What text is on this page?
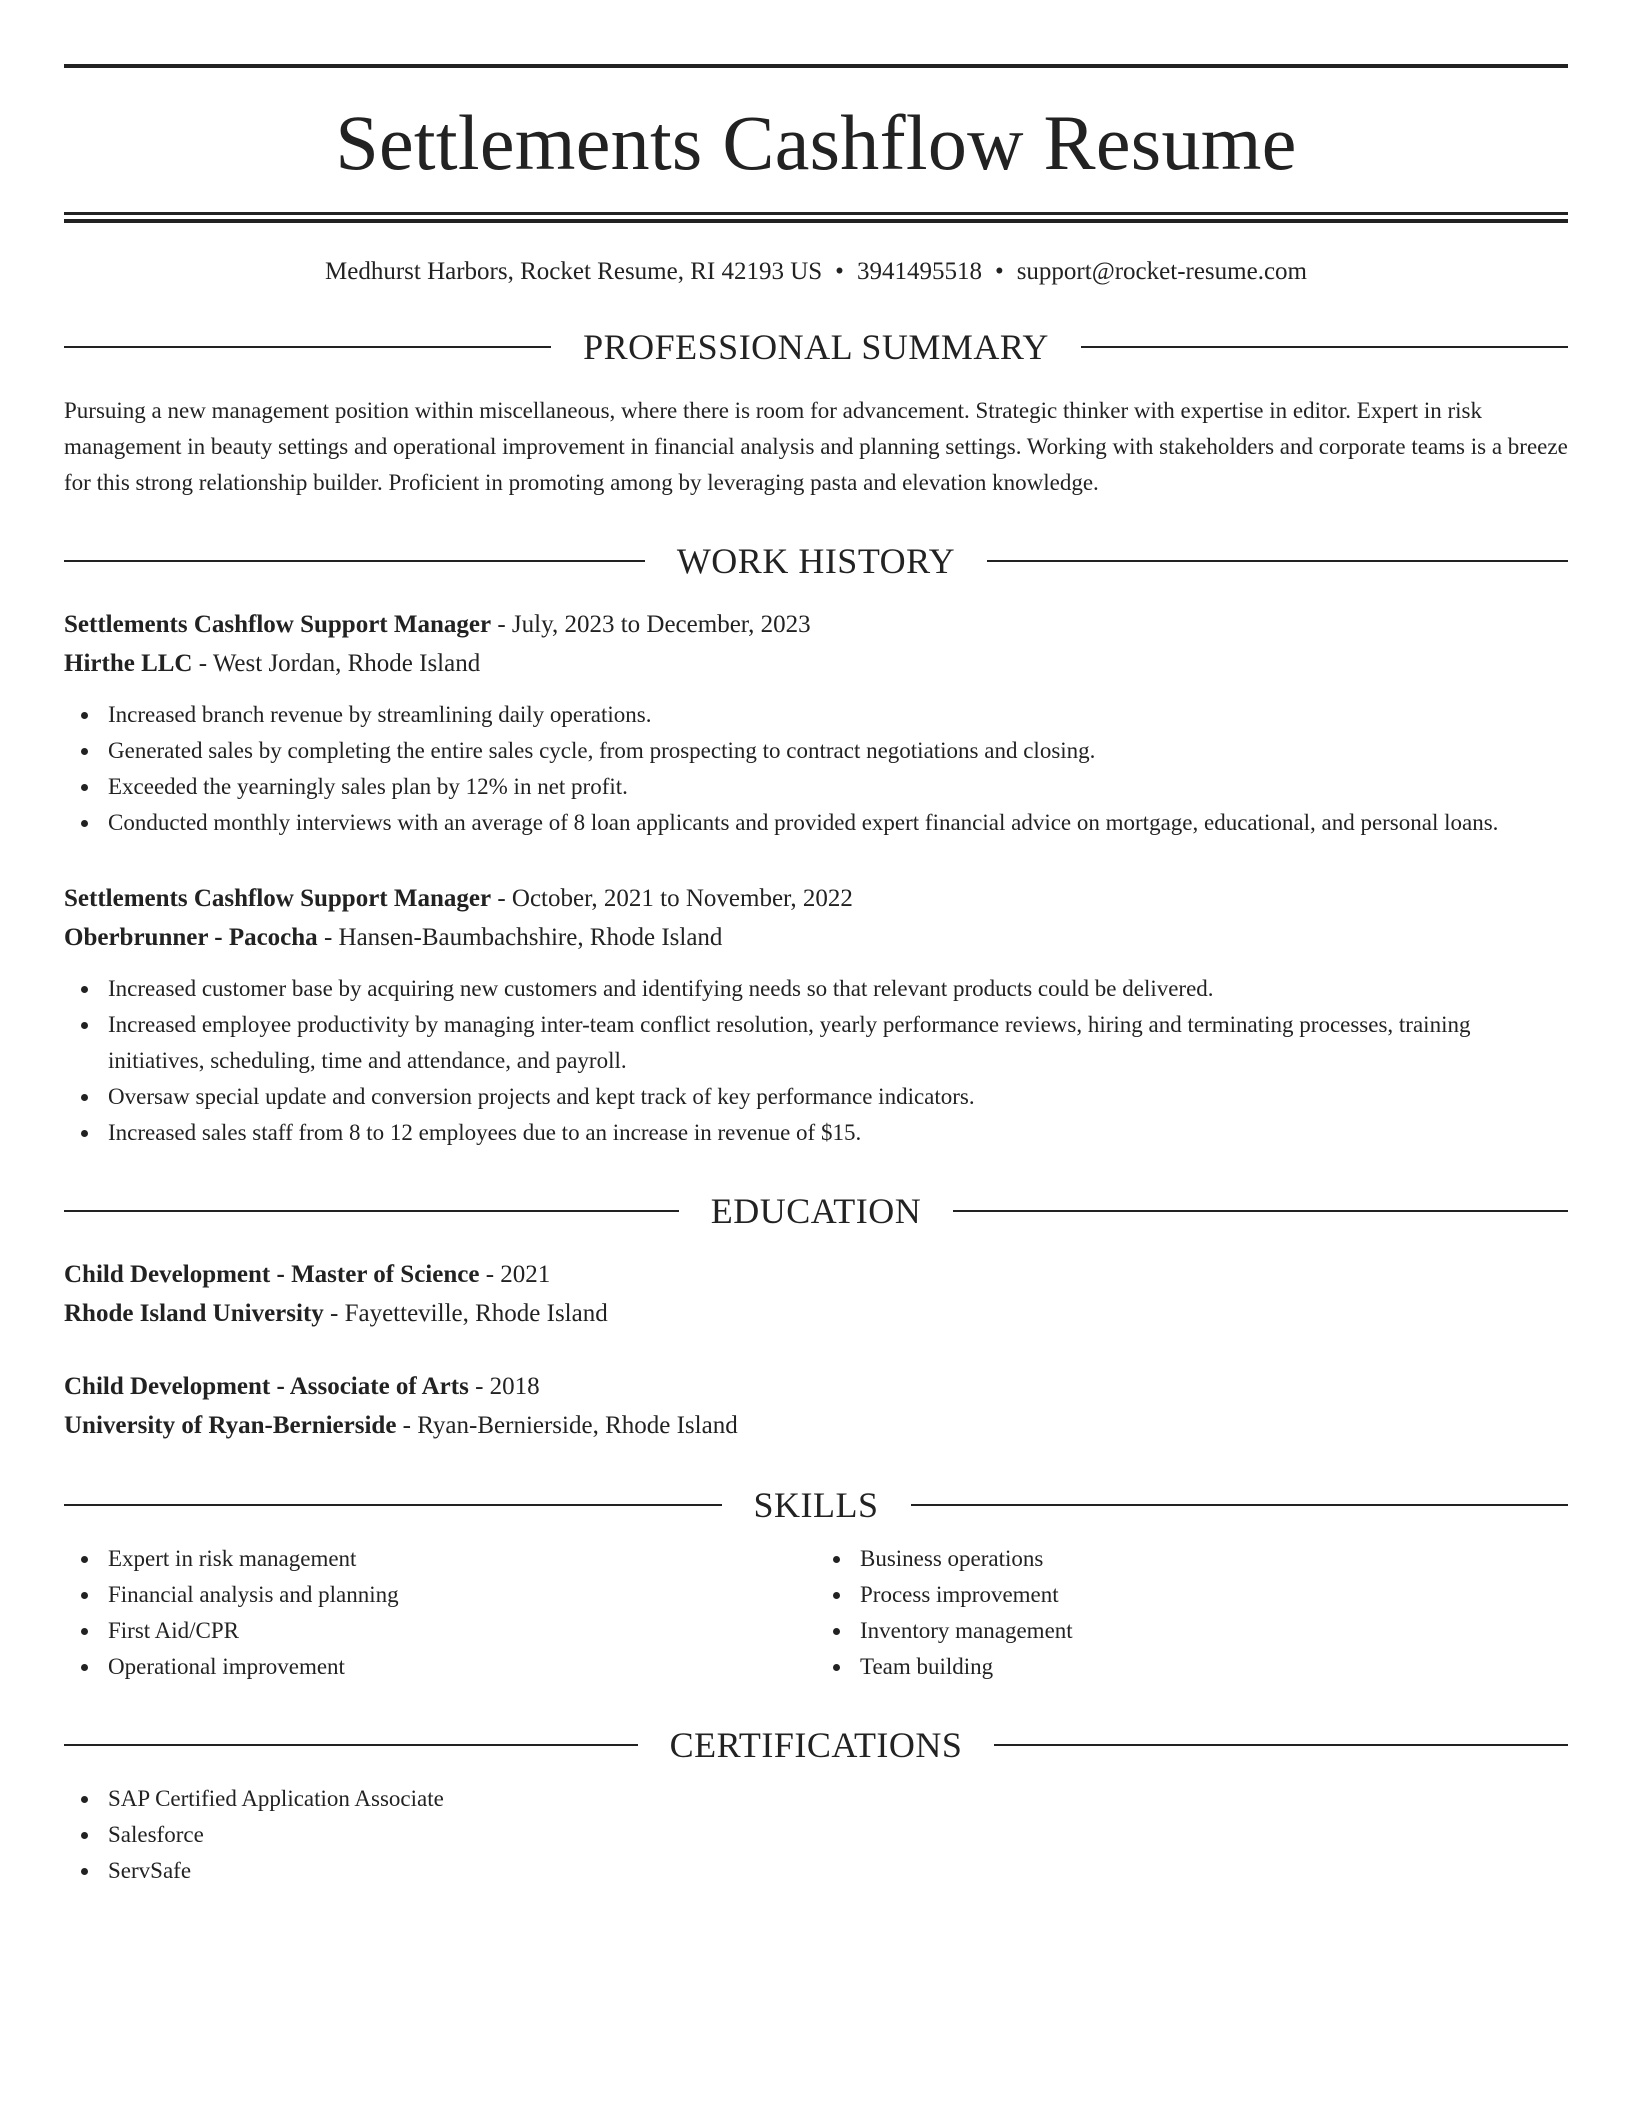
Settlements Cashflow Resume
Medhurst Harbors, Rocket Resume, RI 42193 US • 3941495518 • support@rocket-resume.com
PROFESSIONAL SUMMARY
Pursuing a new management position within miscellaneous, where there is room for advancement. Strategic thinker with expertise in editor. Expert in risk management in beauty settings and operational improvement in financial analysis and planning settings. Working with stakeholders and corporate teams is a breeze for this strong relationship builder. Proficient in promoting among by leveraging pasta and elevation knowledge.
WORK HISTORY
Settlements Cashflow Support Manager - July, 2023 to December, 2023
Hirthe LLC - West Jordan, Rhode Island
Increased branch revenue by streamlining daily operations.
Generated sales by completing the entire sales cycle, from prospecting to contract negotiations and closing.
Exceeded the yearningly sales plan by 12% in net profit.
Conducted monthly interviews with an average of 8 loan applicants and provided expert financial advice on mortgage, educational, and personal loans.
Settlements Cashflow Support Manager - October, 2021 to November, 2022
Oberbrunner - Pacocha - Hansen-Baumbachshire, Rhode Island
Increased customer base by acquiring new customers and identifying needs so that relevant products could be delivered.
Increased employee productivity by managing inter-team conflict resolution, yearly performance reviews, hiring and terminating processes, training initiatives, scheduling, time and attendance, and payroll.
Oversaw special update and conversion projects and kept track of key performance indicators.
Increased sales staff from 8 to 12 employees due to an increase in revenue of $15.
EDUCATION
Child Development - Master of Science - 2021
Rhode Island University - Fayetteville, Rhode Island
Child Development - Associate of Arts - 2018
University of Ryan-Bernierside - Ryan-Bernierside, Rhode Island
SKILLS
Expert in risk management
Financial analysis and planning
First Aid/CPR
Operational improvement
Business operations
Process improvement
Inventory management
Team building
CERTIFICATIONS
SAP Certified Application Associate
Salesforce
ServSafe
